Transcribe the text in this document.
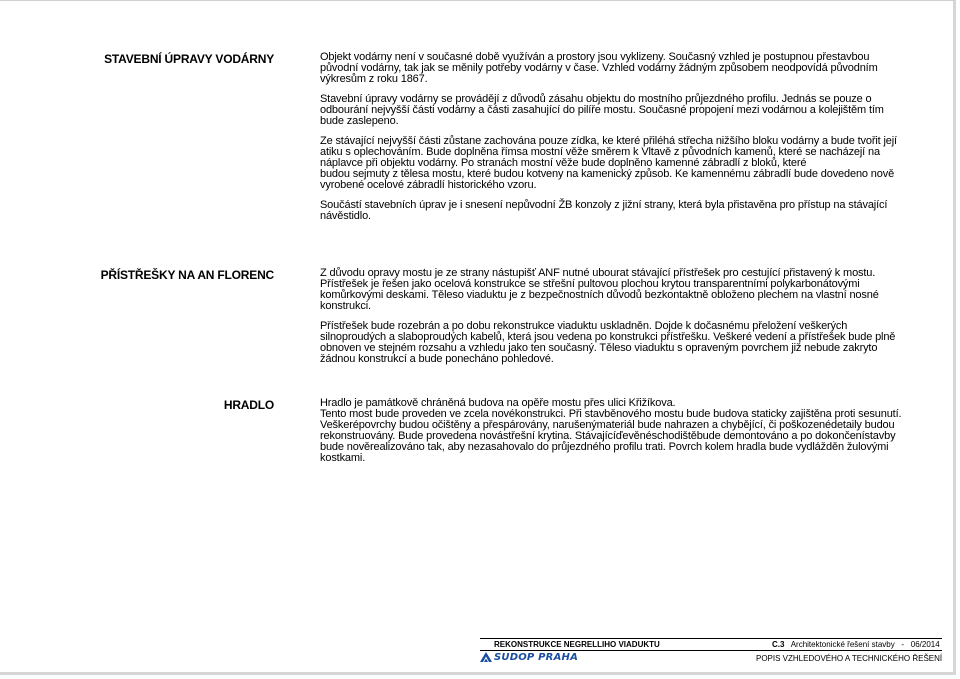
STAVEBNÍ ÚPRAVY VODÁRNY	Objekt vodárny není v současné době využíván a prostory jsou vyklizeny. Současný vzhled je postupnou přestavbou původní vodárny, tak jak se měnily potřeby vodárny v čase. Vzhled vodárny žádným způsobem neodpovídá původním výkresům z roku 1867.

Stavební úpravy vodárny se provádějí z důvodů zásahu objektu do mostního průjezdného profilu. Jednás se pouze o odbourání nejvyšší části vodárny a části zasahující do pilíře mostu. Současné propojení mezi vodárnou a kolejištěm tím bude zaslepeno.

Ze stávající nejvyšší části zůstane zachována pouze zídka, ke které přiléhá střecha nižšího bloku vodárny a bude tvořit její atiku s oplechováním. Bude doplněna římsa mostní věže směrem k Vltavě z původních kamenů, které se nacházejí na náplavce při objektu vodárny. Po stranách mostní věže bude doplněno kamenné zábradlí z bloků, které
budou sejmuty z tělesa mostu, které budou kotveny na kamenický způsob. Ke kamennému zábradlí bude dovedeno nově vyrobené ocelové zábradlí historického vzoru.

Součástí stavebních úprav je i snesení nepůvodní ŽB konzoly z jižní strany, která byla přistavěna pro přístup na stávající návěstidlo.

PŘÍSTŘEŠKY NA AN FLORENC	Z důvodu opravy mostu je ze strany nástupišť ANF nutné ubourat stávající přístřešek pro cestující přistavený k mostu. Přístřešek je řešen jako ocelová konstrukce se střešní pultovou plochou krytou transparentními polykarbonátovými komůrkovými deskami. Těleso viaduktu je z bezpečnostních důvodů bezkontaktně obloženo plechem na vlastní nosné konstrukci.

Přístřešek bude rozebrán a po dobu rekonstrukce viaduktu uskladněn. Dojde k dočasnému přeložení veškerých silnoproudých a slaboproudých kabelů, která jsou vedena po konstrukci přístřešku. Veškeré vedení a přístřešek bude plně obnoven ve stejném rozsahu a vzhledu jako ten současný. Těleso viaduktu s opraveným povrchem již nebude zakryto žádnou konstrukcí a bude ponecháno pohledové.

HRADLO	Hradlo je památkově chráněná budova na opěře mostu přes ulici Křižíkova.
Tento most bude proveden ve zcela novékonstrukci. Při stavběnového mostu bude budova staticky zajištěna proti sesunutí. Veškerépovrchy budou očištěny a přespárovány, narušenýmateriál bude nahrazen a chybějící, či poškozenédetaily budou rekonstruovány. Bude provedena novástřešní krytina. Stávajícíďevěnéschodištěbude demontováno a po dokončenístavby bude nověrealizováno tak, aby nezasahovalo do průjezdného profilu trati. Povrch kolem hradla bude vydlážděn žulovými kostkami.

REKONSTRUKCE NEGRELLIHO VIADUKTU	C.3 Architektonické řešení stavby - 06/2014
SUDOP PRAHA	POPIS VZHLEDOVÉHO A TECHNICKÉHO ŘEŠENÍ
